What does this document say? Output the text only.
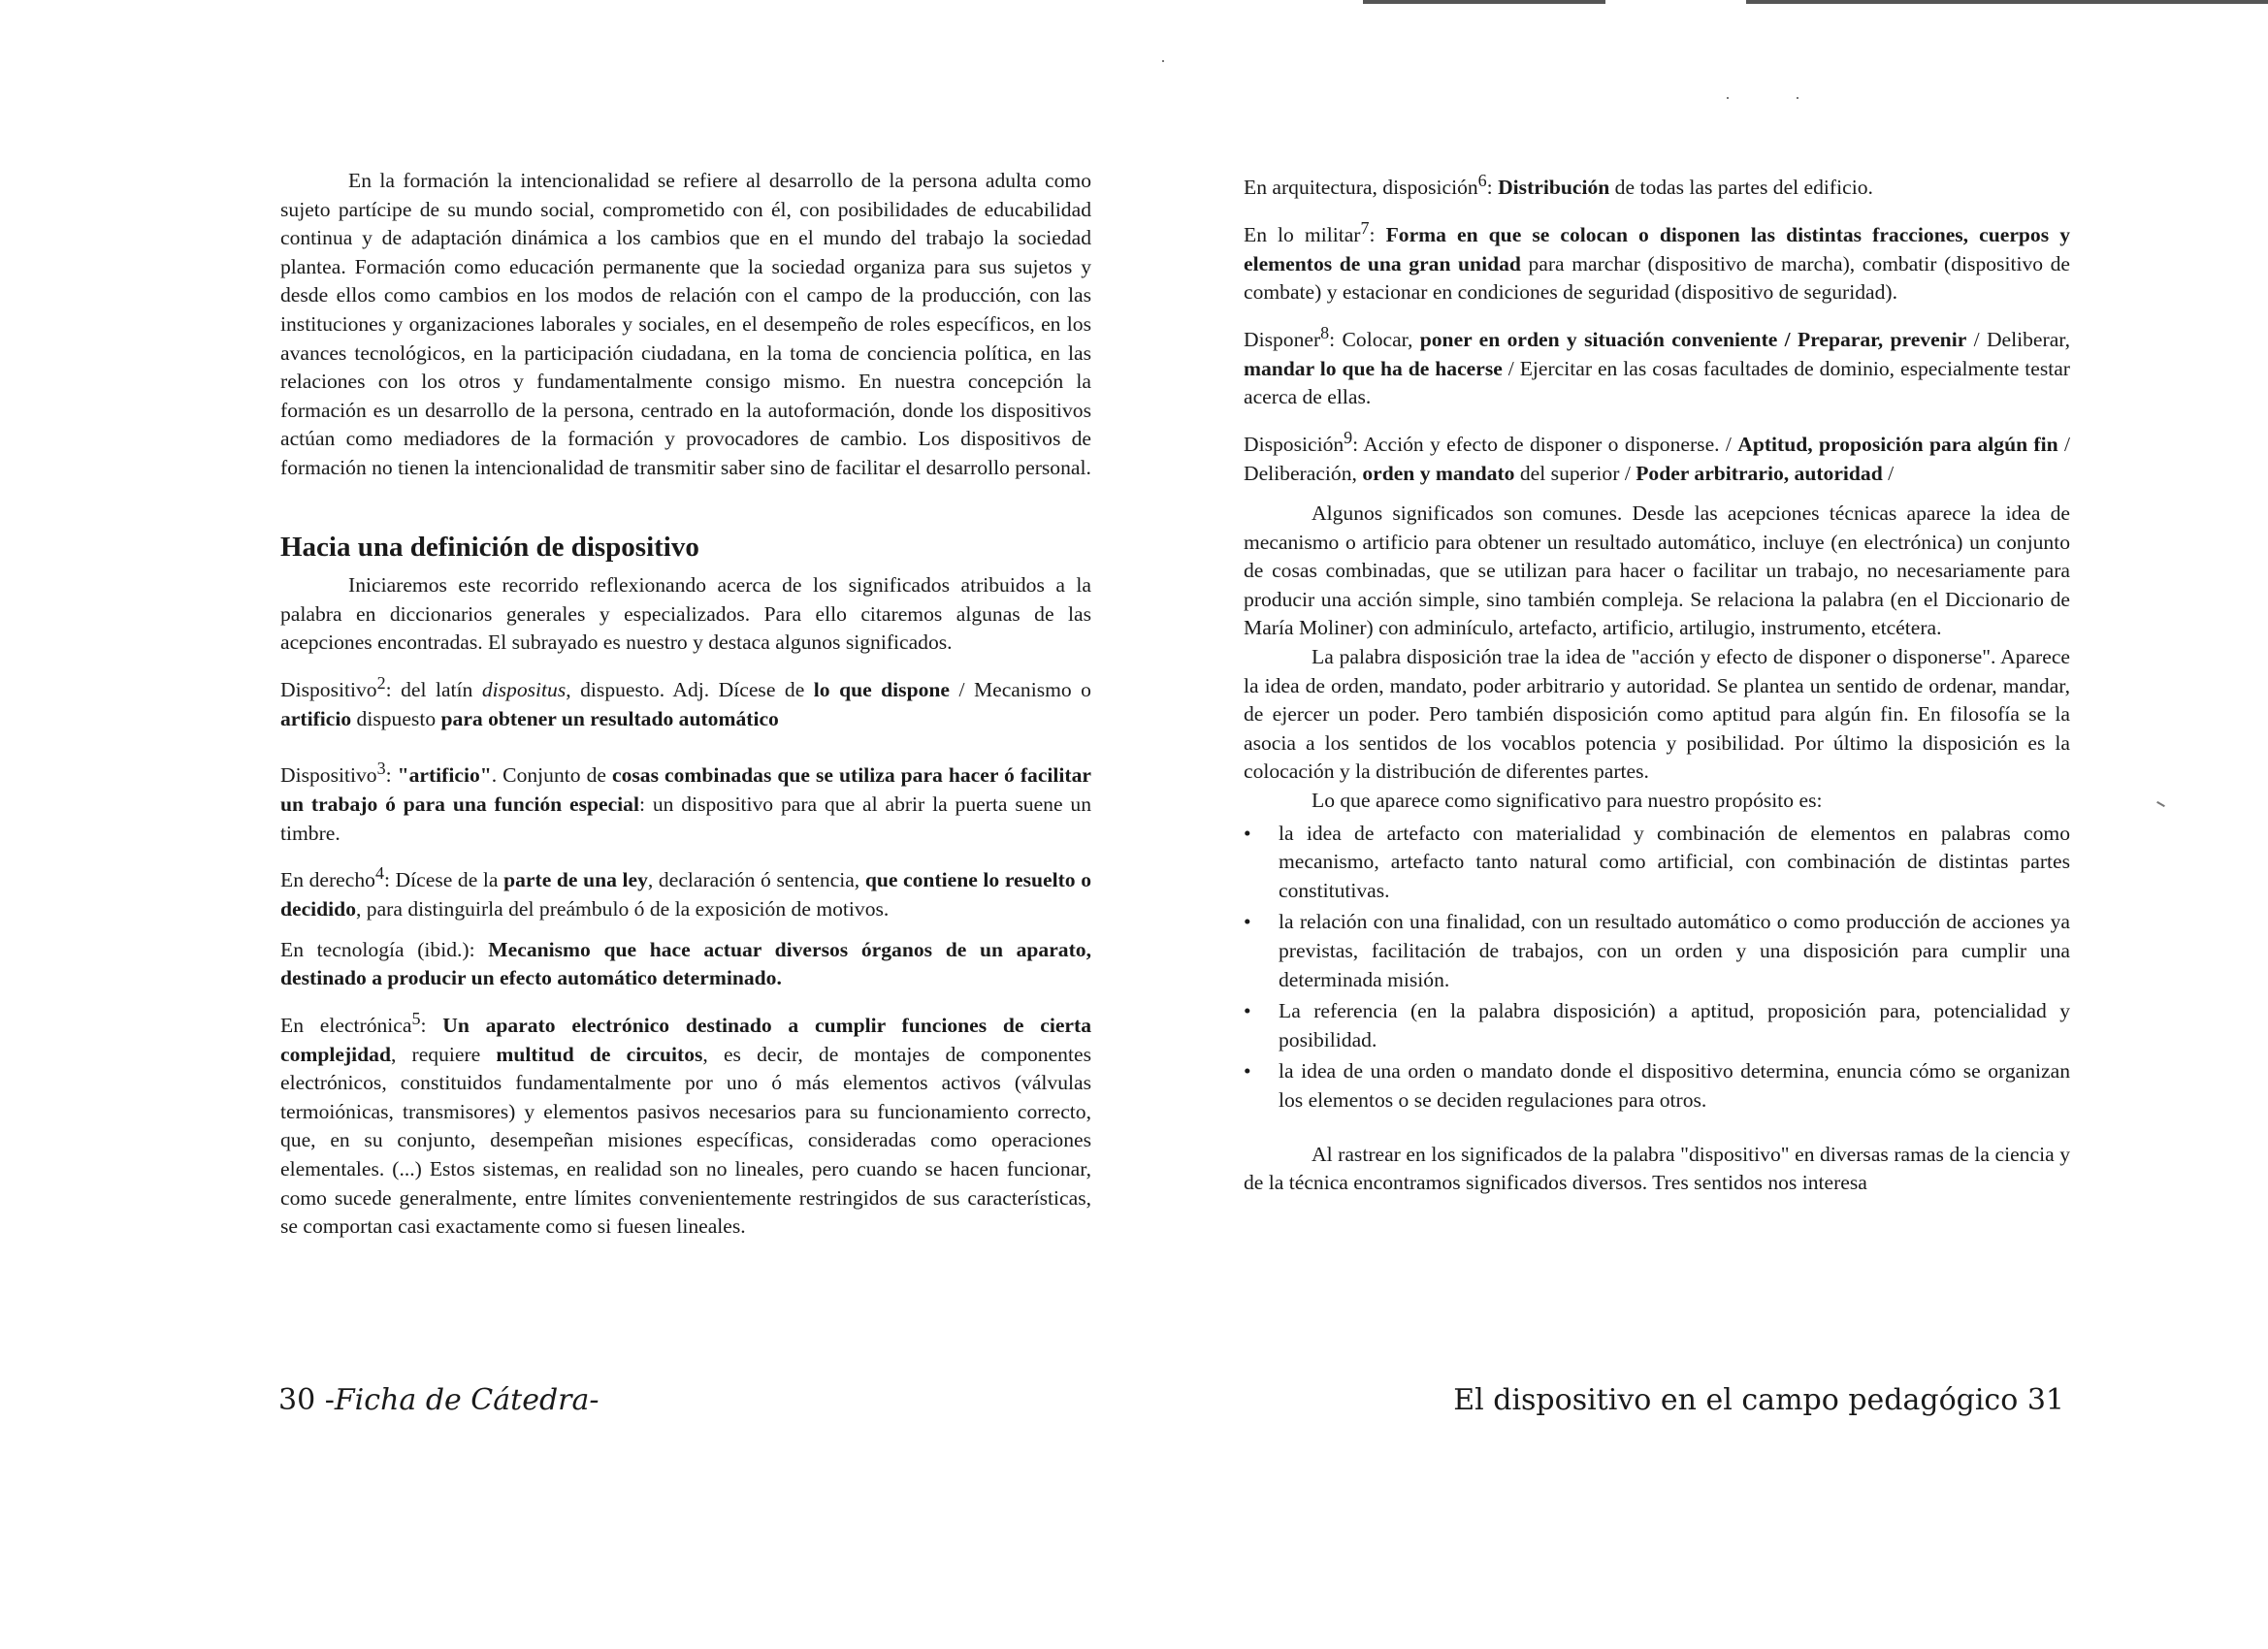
En la formación la intencionalidad se refiere al desarrollo de la persona adulta como sujeto partícipe de su mundo social, comprometido con él, con posibilidades de educabilidad continua y de adaptación dinámica a los cambios que en el mundo del trabajo la sociedad plantea. Formación como educación permanente que la sociedad organiza para sus sujetos y desde ellos como cambios en los modos de relación con el campo de la producción, con las instituciones y organizaciones laborales y sociales, en el desempeño de roles específicos, en los avances tecnológicos, en la participación ciudadana, en la toma de conciencia política, en las relaciones con los otros y fundamentalmente consigo mismo. En nuestra concepción la formación es un desarrollo de la persona, centrado en la autoformación, donde los dispositivos actúan como mediadores de la formación y provocadores de cambio. Los dispositivos de formación no tienen la intencionalidad de transmitir saber sino de facilitar el desarrollo personal.

Hacia una definición de dispositivo

Iniciaremos este recorrido reflexionando acerca de los significados atribuidos a la palabra en diccionarios generales y especializados. Para ello citaremos algunas de las acepciones encontradas. El subrayado es nuestro y destaca algunos significados.

Dispositivo$^2$: del latín dispositus, dispuesto. Adj. Dícese de lo que dispone / Mecanismo o artificio dispuesto para obtener un resultado automático

Dispositivo$^3$: "artificio". Conjunto de cosas combinadas que se utiliza para hacer ó facilitar un trabajo ó para una función especial: un dispositivo para que al abrir la puerta suene un timbre.

En derecho$^4$: Dícese de la parte de una ley, declaración ó sentencia, que contiene lo resuelto o decidido, para distinguirla del preámbulo ó de la exposición de motivos.

En tecnología (ibid.): Mecanismo que hace actuar diversos órganos de un aparato, destinado a producir un efecto automático determinado.

En electrónica$^5$: Un aparato electrónico destinado a cumplir funciones de cierta complejidad, requiere multitud de circuitos, es decir, de montajes de componentes electrónicos, constituidos fundamentalmente por uno ó más elementos activos (válvulas termoiónicas, transmisores) y elementos pasivos necesarios para su funcionamiento correcto, que, en su conjunto, desempeñan misiones específicas, consideradas como operaciones elementales. (...) Estos sistemas, en realidad son no lineales, pero cuando se hacen funcionar, como sucede generalmente, entre límites convenientemente restringidos de sus características, se comportan casi exactamente como si fuesen lineales.

30 -Ficha de Cátedra-

En arquitectura, disposición$^6$: Distribución de todas las partes del edificio.

En lo militar$^7$: Forma en que se colocan o disponen las distintas fracciones, cuerpos y elementos de una gran unidad para marchar (dispositivo de marcha), combatir (dispositivo de combate) y estacionar en condiciones de seguridad (dispositivo de seguridad).

Disponer$^8$: Colocar, poner en orden y situación conveniente / Preparar, prevenir / Deliberar, mandar lo que ha de hacerse / Ejercitar en las cosas facultades de dominio, especialmente testar acerca de ellas.

Disposición$^9$: Acción y efecto de disponer o disponerse. / Aptitud, proposición para algún fin / Deliberación, orden y mandato del superior / Poder arbitrario, autoridad /

Algunos significados son comunes. Desde las acepciones técnicas aparece la idea de mecanismo o artificio para obtener un resultado automático, incluye (en electrónica) un conjunto de cosas combinadas, que se utilizan para hacer o facilitar un trabajo, no necesariamente para producir una acción simple, sino también compleja. Se relaciona la palabra (en el Diccionario de María Moliner) con adminículo, artefacto, artificio, artilugio, instrumento, etcétera.

La palabra disposición trae la idea de "acción y efecto de disponer o disponerse". Aparece la idea de orden, mandato, poder arbitrario y autoridad. Se plantea un sentido de ordenar, mandar, de ejercer un poder. Pero también disposición como aptitud para algún fin. En filosofía se la asocia a los sentidos de los vocablos potencia y posibilidad. Por último la disposición es la colocación y la distribución de diferentes partes.

Lo que aparece como significativo para nuestro propósito es:

• la idea de artefacto con materialidad y combinación de elementos en palabras como mecanismo, artefacto tanto natural como artificial, con combinación de distintas partes constitutivas.
• la relación con una finalidad, con un resultado automático o como producción de acciones ya previstas, facilitación de trabajos, con un orden y una disposición para cumplir una determinada misión.
• La referencia (en la palabra disposición) a aptitud, proposición para, potencialidad y posibilidad.
• la idea de una orden o mandato donde el dispositivo determina, enuncia cómo se organizan los elementos o se deciden regulaciones para otros.

Al rastrear en los significados de la palabra "dispositivo" en diversas ramas de la ciencia y de la técnica encontramos significados diversos. Tres sentidos nos interesa

El dispositivo en el campo pedagógico 31
